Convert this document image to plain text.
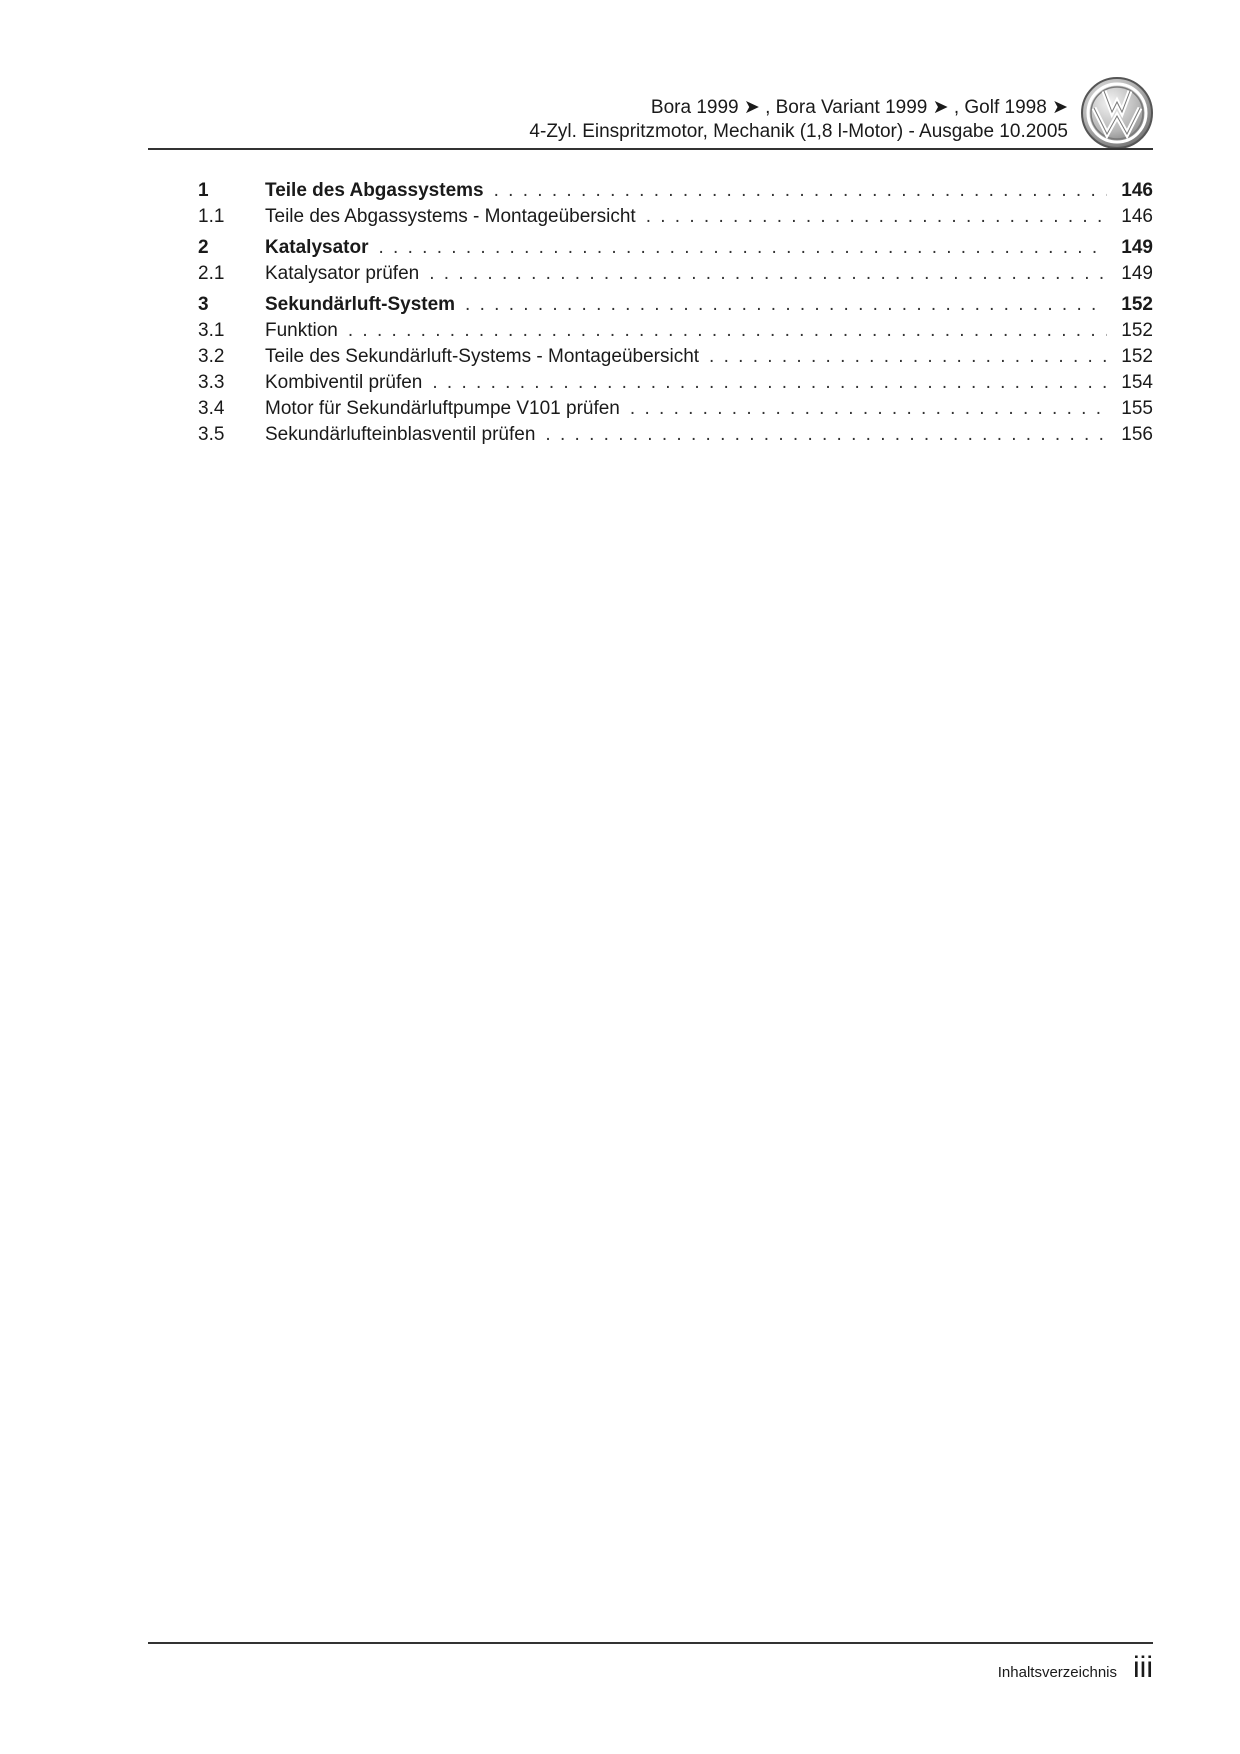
Bora 1999 ➤ , Bora Variant 1999 ➤ , Golf 1998 ➤
4-Zyl. Einspritzmotor, Mechanik (1,8 l-Motor) - Ausgabe 10.2005
1	Teile des Abgassystems . . .	146
1.1	Teile des Abgassystems - Montageübersicht . . .	146
2	Katalysator . . .	149
2.1	Katalysator prüfen . . .	149
3	Sekundärluft-System . . .	152
3.1	Funktion . . .	152
3.2	Teile des Sekundärluft-Systems - Montageübersicht . . .	152
3.3	Kombiventil prüfen . . .	154
3.4	Motor für Sekundärluftpumpe V101 prüfen . . .	155
3.5	Sekundärlufteinblasventil prüfen . . .	156
Inhaltsverzeichnis iii
